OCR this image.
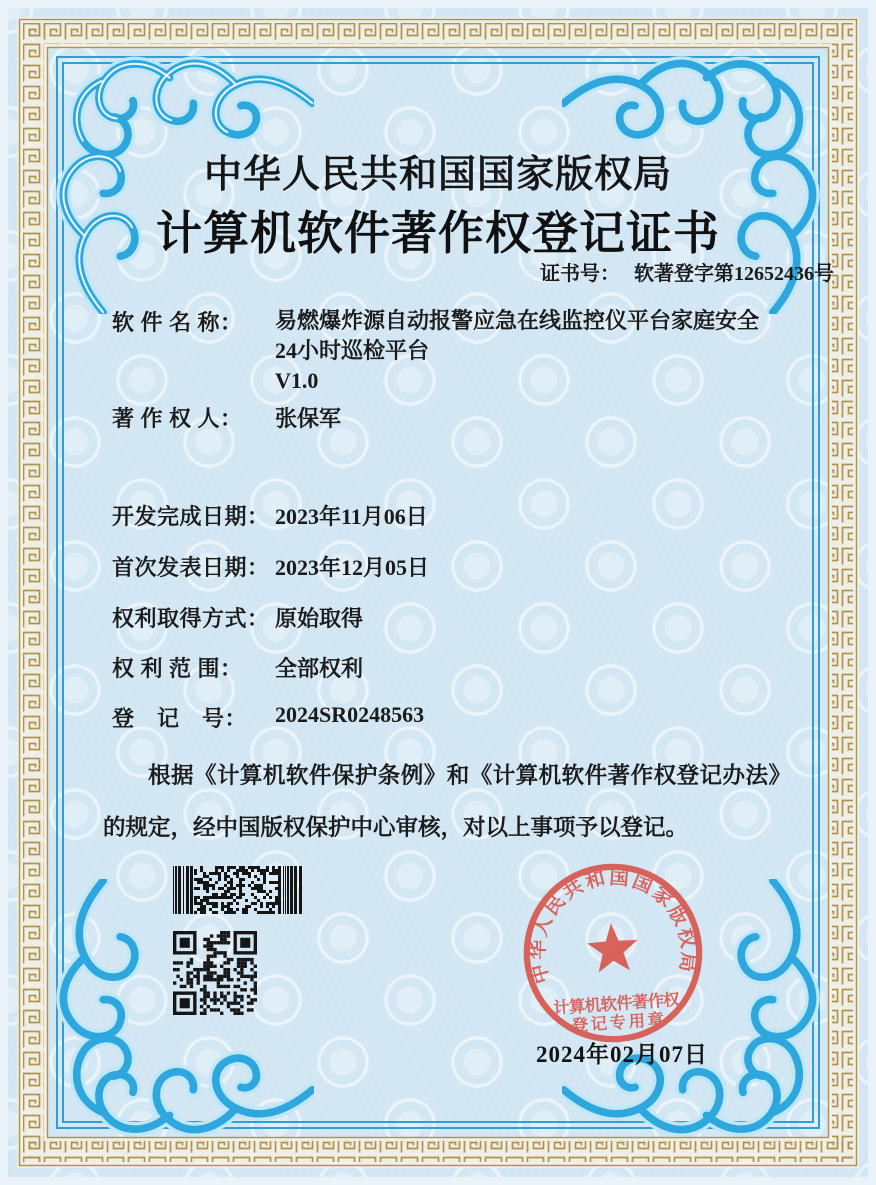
中华人民共和国国家版权局
计算机软件著作权登记证书
证书号： 软著登字第12652436号
软 件 名 称： 易燃爆炸源自动报警应急在线监控仪平台家庭安全
24小时巡检平台
V1.0
著 作 权 人： 张保军
开发完成日期： 2023年11月06日
首次发表日期： 2023年12月05日
权利取得方式： 原始取得
权 利 范 围： 全部权利
登　记　号： 2024SR0248563

根据《计算机软件保护条例》和《计算机软件著作权登记办法》的规定，经中国版权保护中心审核，对以上事项予以登记。

中华人民共和国国家版权局
计算机软件著作权
登记专用章
2024年02月07日
